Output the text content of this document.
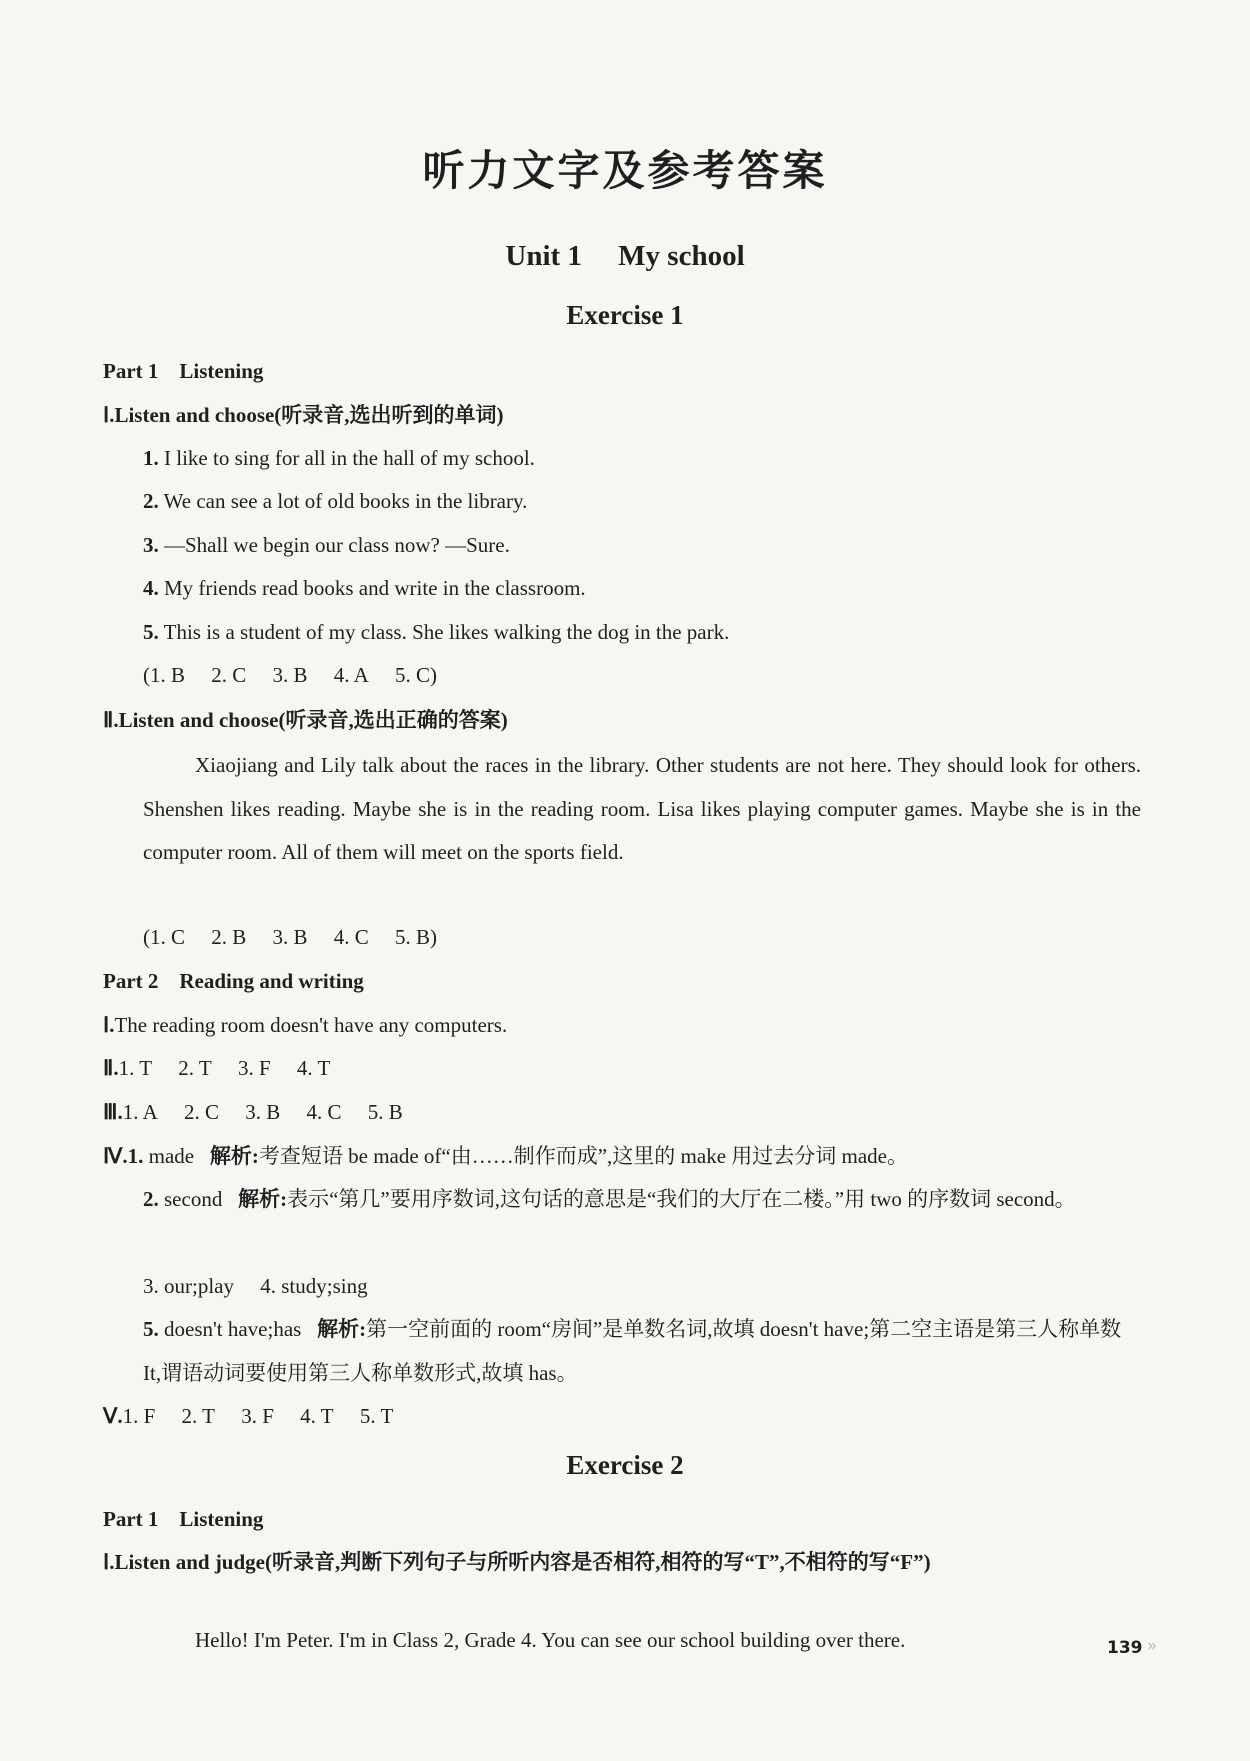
听力文字及参考答案
Unit 1  My school
Exercise 1
Part 1 Listening
Ⅰ.Listen and choose(听录音,选出听到的单词)
1. I like to sing for all in the hall of my school.
2. We can see a lot of old books in the library.
3. —Shall we begin our class now? —Sure.
4. My friends read books and write in the classroom.
5. This is a student of my class. She likes walking the dog in the park.
(1. B  2. C  3. B  4. A  5. C)
Ⅱ.Listen and choose(听录音,选出正确的答案)
Xiaojiang and Lily talk about the races in the library. Other students are not here. They should look for others. Shenshen likes reading. Maybe she is in the reading room. Lisa likes playing computer games. Maybe she is in the computer room. All of them will meet on the sports field.
(1. C  2. B  3. B  4. C  5. B)
Part 2 Reading and writing
Ⅰ.The reading room doesn't have any computers.
Ⅱ.1. T  2. T  3. F  4. T
Ⅲ.1. A  2. C  3. B  4. C  5. B
Ⅳ.1. made 解析:考查短语 be made of“由……制作而成”,这里的 make 用过去分词 made。
2. second 解析:表示“第几”要用序数词,这句话的意思是“我们的大厅在二楼。”用 two 的序数词 second。
3. our;play  4. study;sing
5. doesn't have;has 解析:第一空前面的 room“房间”是单数名词,故填 doesn't have;第二空主语是第三人称单数 It,谓语动词要使用第三人称单数形式,故填 has。
Ⅴ.1. F  2. T  3. F  4. T  5. T
Exercise 2
Part 1 Listening
Ⅰ.Listen and judge(听录音,判断下列句子与所听内容是否相符,相符的写“T”,不相符的写“F”)
Hello! I'm Peter. I'm in Class 2, Grade 4. You can see our school building over there.	139 »
